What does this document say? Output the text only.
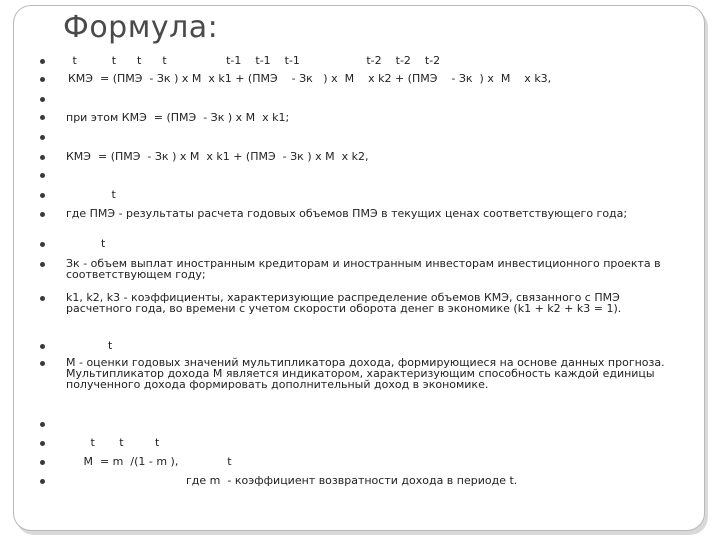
Формула:
t          t      t      t                 t-1    t-1    t-1                   t-2    t-2    t-2
КМЭ  = (ПМЭ  - Зк ) х М  х k1 + (ПМЭ    - Зк   ) х  М    х k2 + (ПМЭ    - Зк  ) х  М    х k3,
при этом КМЭ  = (ПМЭ  - Зк ) х М  х k1;
КМЭ  = (ПМЭ  - Зк ) х М  х k1 + (ПМЭ  - Зк ) х М  х k2,
t
где ПМЭ - результаты расчета годовых объемов ПМЭ в текущих ценах соответствующего года;
t
Зк - объем выплат иностранным кредиторам и иностранным инвесторам инвестиционного проекта в соответствующем году;
k1, k2, k3 - коэффициенты, характеризующие распределение объемов КМЭ, связанного с ПМЭ расчетного года, во времени с учетом скорости оборота денег в экономике (k1 + k2 + k3 = 1).
t
М - оценки годовых значений мультипликатора дохода, формирующиеся на основе данных прогноза. Мультипликатор дохода М является индикатором, характеризующим способность каждой единицы полученного дохода формировать дополнительный доход в экономике.
t       t         t
М  = m  /(1 - m ),              t
где m  - коэффициент возвратности дохода в периоде t.
